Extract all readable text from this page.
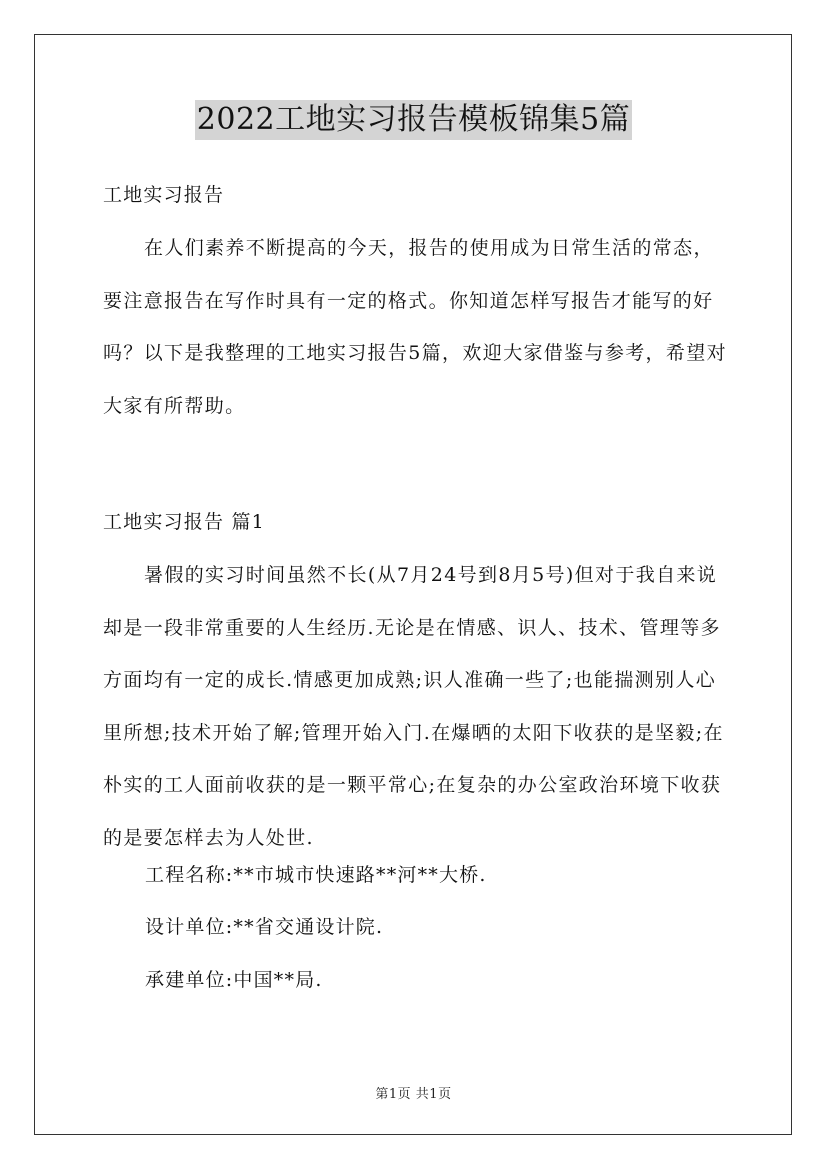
2022工地实习报告模板锦集5篇

工地实习报告

在人们素养不断提高的今天，报告的使用成为日常生活的常态，要注意报告在写作时具有一定的格式。你知道怎样写报告才能写的好吗？以下是我整理的工地实习报告5篇，欢迎大家借鉴与参考，希望对大家有所帮助。

工地实习报告 篇1

暑假的实习时间虽然不长(从7月24号到8月5号)但对于我自来说却是一段非常重要的人生经历.无论是在情感、识人、技术、管理等多方面均有一定的成长.情感更加成熟;识人准确一些了;也能揣测别人心里所想;技术开始了解;管理开始入门.在爆晒的太阳下收获的是坚毅;在朴实的工人面前收获的是一颗平常心;在复杂的办公室政治环境下收获的是要怎样去为人处世.

工程名称:**市城市快速路**河**大桥.

设计单位:**省交通设计院.

承建单位:中国**局.

第1页 共1页
